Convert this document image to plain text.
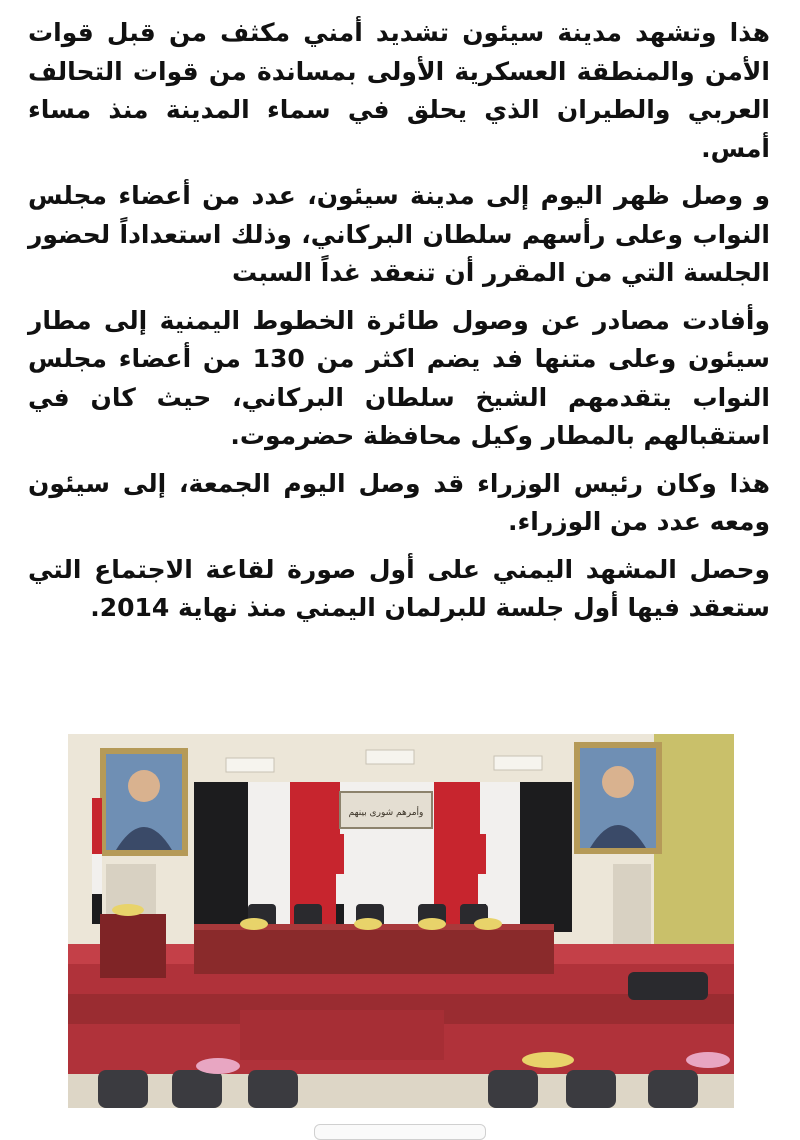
هذا وتشهد مدينة سيئون تشديد أمني مكثف من قبل قوات الأمن والمنطقة العسكرية الأولى بمساندة من قوات التحالف العربي والطيران الذي يحلق في سماء المدينة منذ مساء أمس.

و وصل ظهر اليوم إلى مدينة سيئون، عدد من أعضاء مجلس النواب وعلى رأسهم سلطان البركاني، وذلك استعداداً لحضور الجلسة التي من المقرر أن تنعقد غداً السبت

وأفادت مصادر عن وصول طائرة الخطوط اليمنية إلى مطار سيئون وعلى متنها فد يضم اكثر من 130 من أعضاء مجلس النواب يتقدمهم الشيخ سلطان البركاني، حيث كان في استقبالهم بالمطار وكيل محافظة حضرموت.

هذا وكان رئيس الوزراء قد وصل اليوم الجمعة، إلى سيئون ومعه عدد من الوزراء.

وحصل المشهد اليمني على أول صورة لقاعة الاجتماع التي ستعقد فيها أول جلسة للبرلمان اليمني منذ نهاية 2014.

وأمرهم شورى بينهم
